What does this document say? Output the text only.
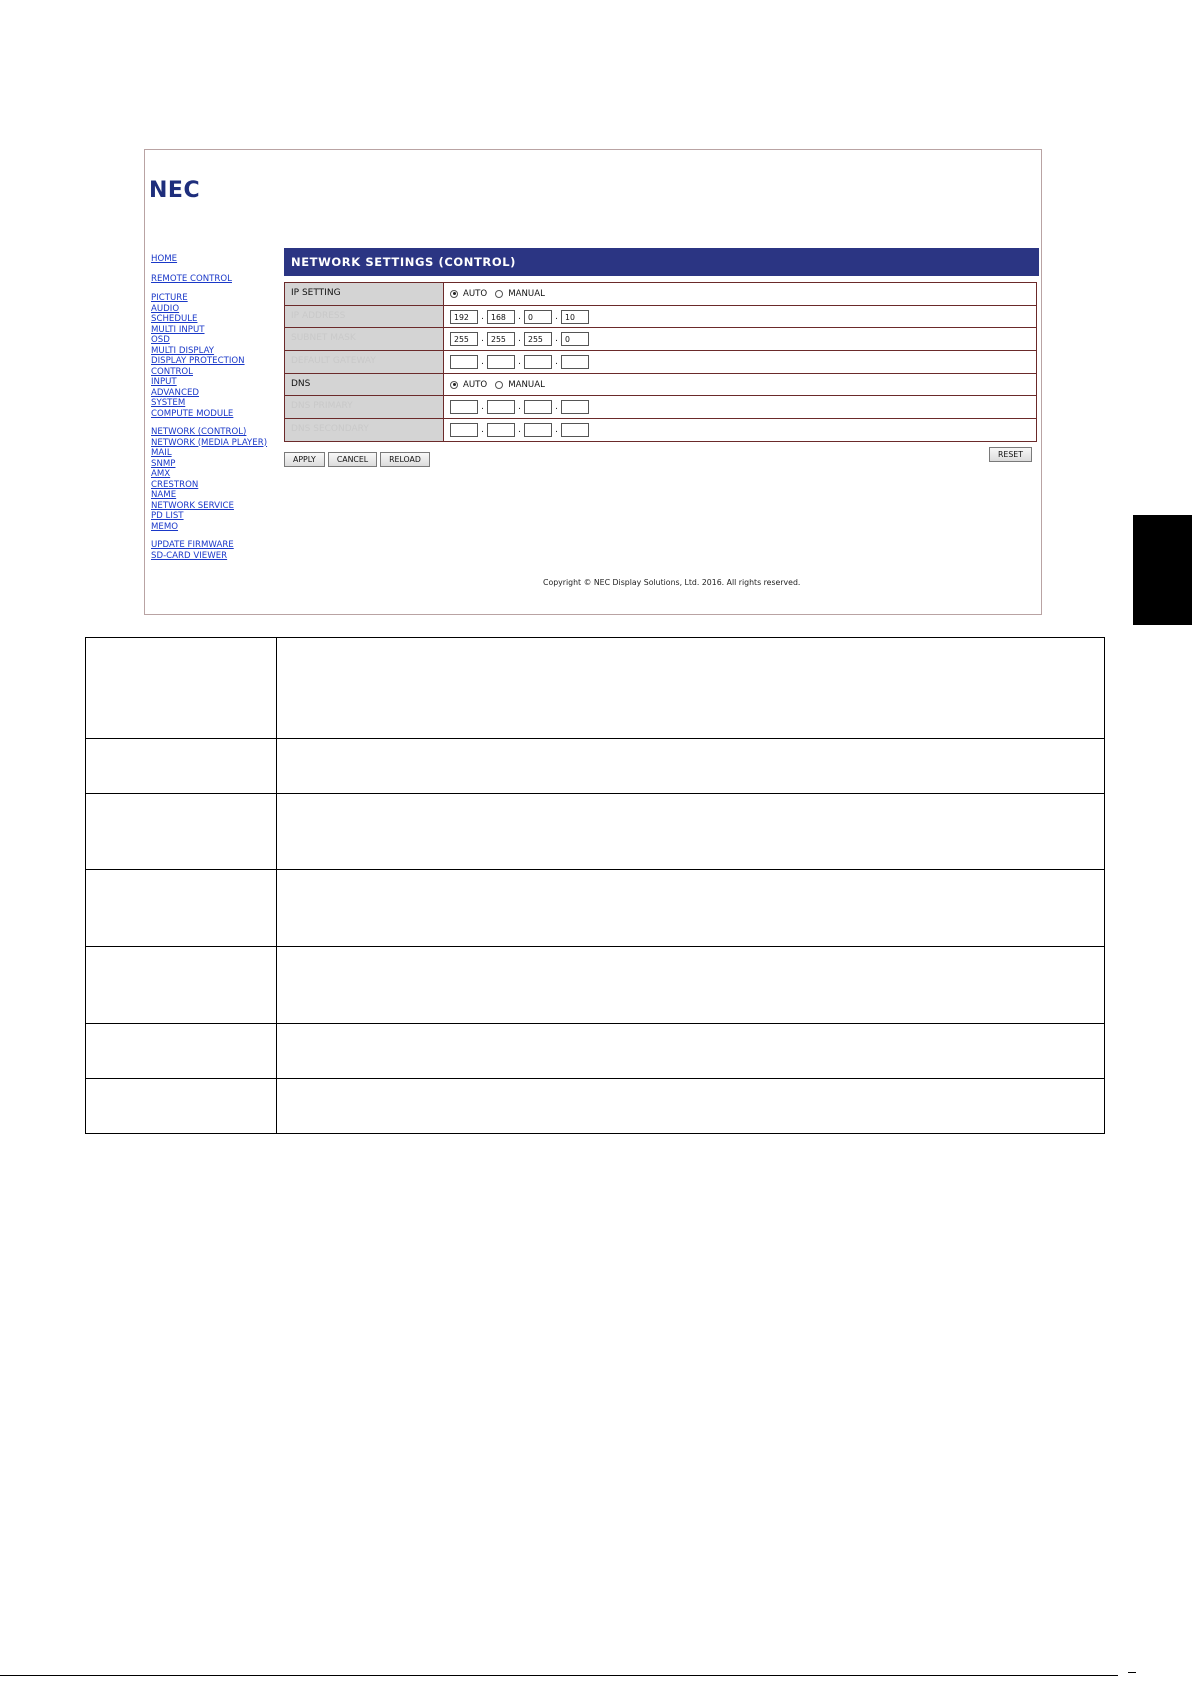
NEC
HOME
REMOTE CONTROL
PICTURE
AUDIO
SCHEDULE
MULTI INPUT
OSD
MULTI DISPLAY
DISPLAY PROTECTION
CONTROL
INPUT
ADVANCED
SYSTEM
COMPUTE MODULE
NETWORK (CONTROL)
NETWORK (MEDIA PLAYER)
MAIL
SNMP
AMX
CRESTRON
NAME
NETWORK SERVICE
PD LIST
MEMO
UPDATE FIRMWARE
SD-CARD VIEWER
NETWORK SETTINGS (CONTROL)
IP SETTING	AUTO MANUAL
IP ADDRESS	192	. 168	. 0	. 10
SUBNET MASK	255	. 255	. 255	. 0
DEFAULT GATEWAY	.	.	.
DNS	AUTO MANUAL
DNS PRIMARY	.	.	.
DNS SECONDARY	.	.	.
APPLY	CANCEL	RELOAD
RESET
Copyright © NEC Display Solutions, Ltd. 2016. All rights reserved.
